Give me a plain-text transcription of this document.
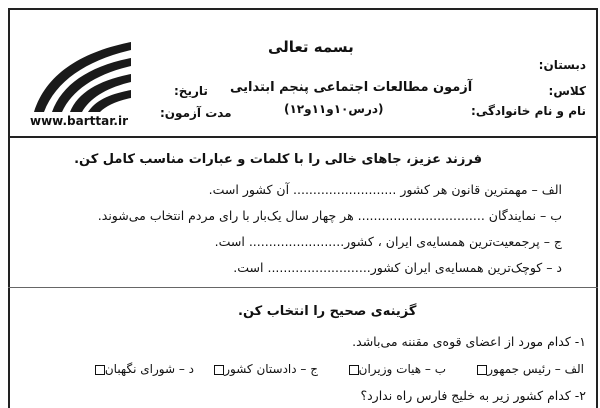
www.barttar.ir
بسمه تعالی
دبستان:
کلاس:
نام و نام خانوادگی:
آزمون مطالعات اجتماعی پنجم ابتدایی
(درس۱۰و۱۱و۱۲)
تاریخ:
مدت آزمون:
فرزند عزیز، جاهای خالی را با کلمات و عبارات مناسب کامل کن.
الف – مهمترین قانون هر کشور .......................... آن کشور است.
ب – نمایندگان ................................ هر چهار سال یک‌بار با رای مردم انتخاب می‌شوند.
ج – پرجمعیت‌ترین همسایه‌ی ایران ، کشور........................ است.
د – کوچک‌ترین همسایه‌ی ایران کشور.......................... است.
گزینه‌ی صحیح را انتخاب کن.
۱- کدام مورد از اعضای قوه‌ی مقننه می‌باشد.
الف – رئیس جمهور
ب – هیات وزیران
ج – دادستان کشور
د – شورای نگهبان
۲- کدام کشور زیر به خلیج فارس راه ندارد؟
